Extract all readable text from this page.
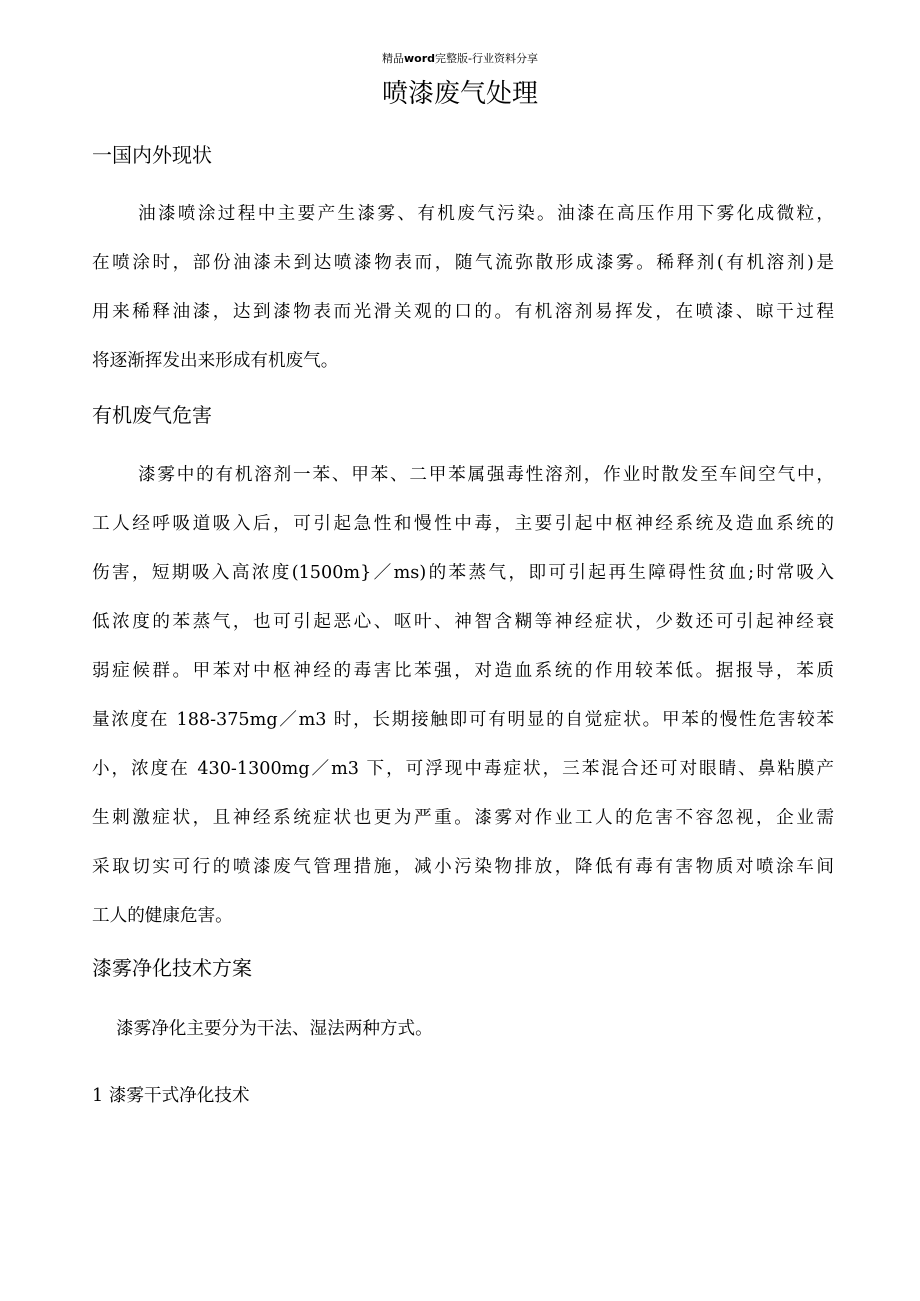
精品word完整版-行业资料分享
喷漆废气处理
一国内外现状
油漆喷涂过程中主要产生漆雾、有机废气污染。油漆在高压作用下雾化成微粒，
在喷涂时，部份油漆未到达喷漆物表而，随气流弥散形成漆雾。稀释剂(有机溶剂)是
用来稀释油漆，达到漆物表而光滑关观的口的。有机溶剂易挥发，在喷漆、晾干过程
将逐渐挥发出来形成有机废气。
有机废气危害
漆雾中的有机溶剂一苯、甲苯、二甲苯属强毒性溶剂，作业时散发至车间空气中，
工人经呼吸道吸入后，可引起急性和慢性中毒，主要引起中枢神经系统及造血系统的
伤害，短期吸入高浓度(1500m}／ms)的苯蒸气，即可引起再生障碍性贫血;时常吸入
低浓度的苯蒸气，也可引起恶心、呕叶、神智含糊等神经症状，少数还可引起神经衰
弱症候群。甲苯对中枢神经的毒害比苯强，对造血系统的作用较苯低。据报导，苯质
量浓度在 188-375mg／m3 时，长期接触即可有明显的自觉症状。甲苯的慢性危害较苯
小，浓度在 430-1300mg／m3 下，可浮现中毒症状，三苯混合还可对眼睛、鼻粘膜产
生刺激症状，且神经系统症状也更为严重。漆雾对作业工人的危害不容忽视，企业需
采取切实可行的喷漆废气管理措施，减小污染物排放，降低有毒有害物质对喷涂车间
工人的健康危害。
漆雾净化技术方案
漆雾净化主要分为干法、湿法两种方式。
1 漆雾干式净化技术
